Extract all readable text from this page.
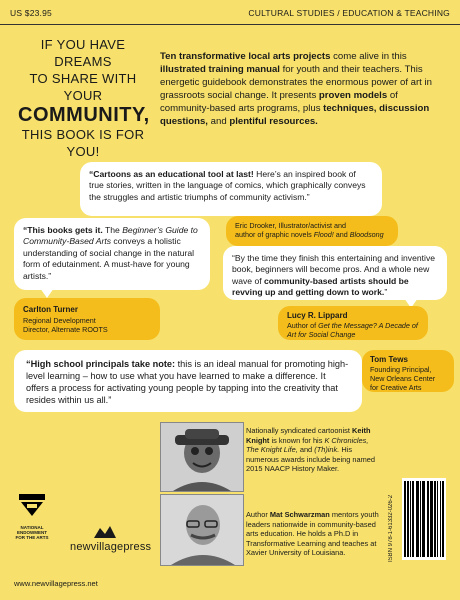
US $23.95	CULTURAL STUDIES / EDUCATION & TEACHING
IF YOU HAVE DREAMS
TO SHARE WITH YOUR
COMMUNITY,
THIS BOOK IS FOR YOU!
Ten transformative local arts projects come alive in this illustrated training manual for youth and their teachers. This energetic guidebook demonstrates the enormous power of art in grassroots social change. It presents proven models of community-based arts programs, plus techniques, discussion questions, and plentiful resources.
“Cartoons as an educational tool at last! Here’s an inspired book of true stories, written in the language of comics, which graphically conveys the struggles and artistic triumphs of community activism.”
Eric Drooker, Illustrator/activist and
author of graphic novels Flood! and Bloodsong
“This books gets it. The Beginner’s Guide to Community-Based Arts conveys a holistic understanding of social change in the natural form of edutainment. A must-have for young artists.”
Carlton Turner
Regional Development
Director, Alternate ROOTS
“By the time they finish this entertaining and inventive book, beginners will become pros. And a whole new wave of community-based artists should be revving up and getting down to work.”
Lucy R. Lippard
Author of Get the Message? A Decade of Art for Social Change
“High school principals take note: this is an ideal manual for promoting high-level learning – how to use what you have learned to make a difference. It offers a process for activating young people by tapping into the creativity that resides within us all.”
Tom Tews
Founding Principal,
New Orleans Center
for Creative Arts
Nationally syndicated cartoonist Keith Knight is known for his K Chronicles, The Knight Life, and (Th)ink. His numerous awards include being named 2015 NAACP History Maker.
Author Mat Schwarzman mentors youth leaders nationwide in community-based arts education. He holds a Ph.D in Transformative Learning and teaches at Xavier University of Louisiana.	ISBN 978-1-61332-026-2
NATIONAL
ENDOWMENT
FOR THE ARTS
newvillagepress
www.newvillagepress.net
